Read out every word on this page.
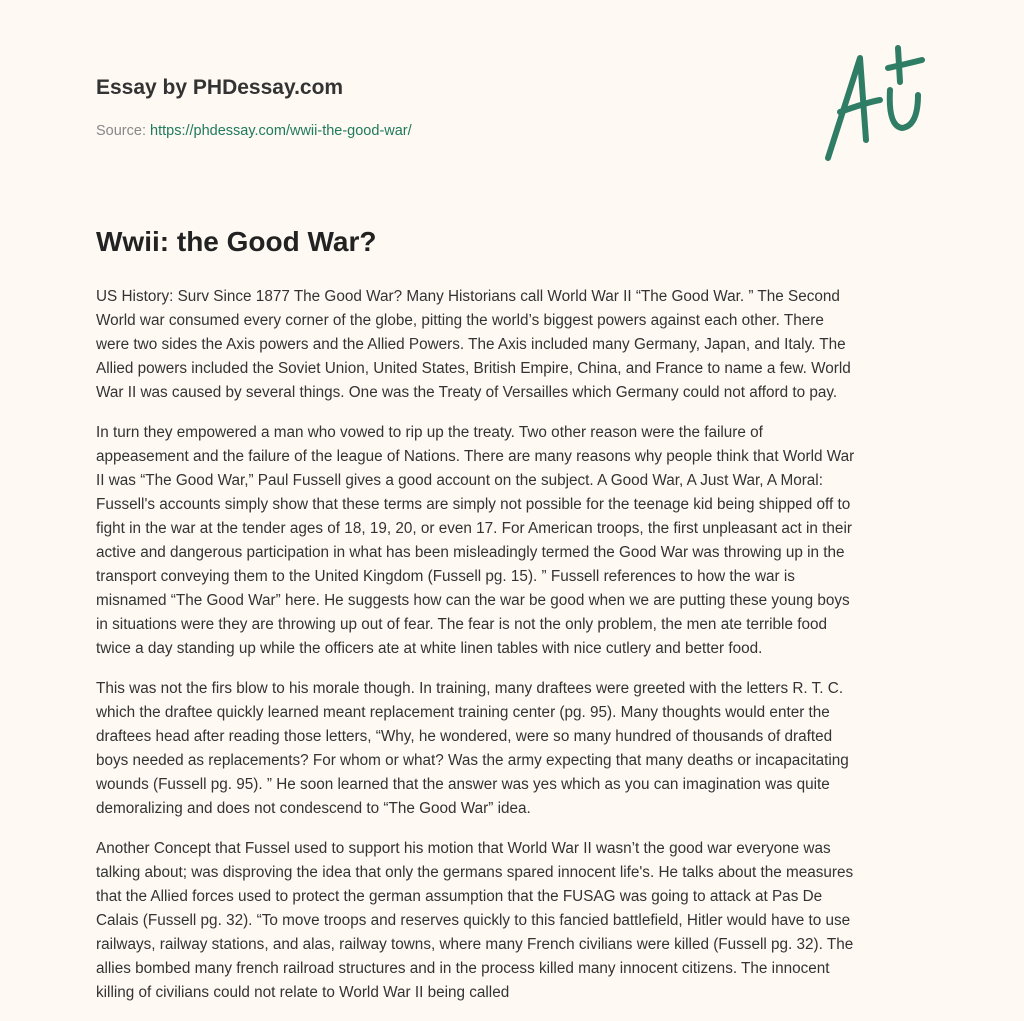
Essay by PHDessay.com
Source: https://phdessay.com/wwii-the-good-war/
Wwii: the Good War?

US History: Surv Since 1877 The Good War? Many Historians call World War II “The Good War. ” The Second
World war consumed every corner of the globe, pitting the world’s biggest powers against each other. There
were two sides the Axis powers and the Allied Powers. The Axis included many Germany, Japan, and Italy. The
Allied powers included the Soviet Union, United States, British Empire, China, and France to name a few. World
War II was caused by several things. One was the Treaty of Versailles which Germany could not afford to pay.

In turn they empowered a man who vowed to rip up the treaty. Two other reason were the failure of
appeasement and the failure of the league of Nations. There are many reasons why people think that World War
II was “The Good War,” Paul Fussell gives a good account on the subject. A Good War, A Just War, A Moral:
Fussell's accounts simply show that these terms are simply not possible for the teenage kid being shipped off to
fight in the war at the tender ages of 18, 19, 20, or even 17. For American troops, the first unpleasant act in their
active and dangerous participation in what has been misleadingly termed the Good War was throwing up in the
transport conveying them to the United Kingdom (Fussell pg. 15). ” Fussell references to how the war is
misnamed “The Good War” here. He suggests how can the war be good when we are putting these young boys
in situations were they are throwing up out of fear. The fear is not the only problem, the men ate terrible food
twice a day standing up while the officers ate at white linen tables with nice cutlery and better food.

This was not the firs blow to his morale though. In training, many draftees were greeted with the letters R. T. C.
which the draftee quickly learned meant replacement training center (pg. 95). Many thoughts would enter the
draftees head after reading those letters, “Why, he wondered, were so many hundred of thousands of drafted
boys needed as replacements? For whom or what? Was the army expecting that many deaths or incapacitating
wounds (Fussell pg. 95). ” He soon learned that the answer was yes which as you can imagination was quite
demoralizing and does not condescend to “The Good War” idea.

Another Concept that Fussel used to support his motion that World War II wasn’t the good war everyone was
talking about; was disproving the idea that only the germans spared innocent life's. He talks about the measures
that the Allied forces used to protect the german assumption that the FUSAG was going to attack at Pas De
Calais (Fussell pg. 32). “To move troops and reserves quickly to this fancied battlefield, Hitler would have to use
railways, railway stations, and alas, railway towns, where many French civilians were killed (Fussell pg. 32). The
allies bombed many french railroad structures and in the process killed many innocent citizens. The innocent
killing of civilians could not relate to World War II being called
